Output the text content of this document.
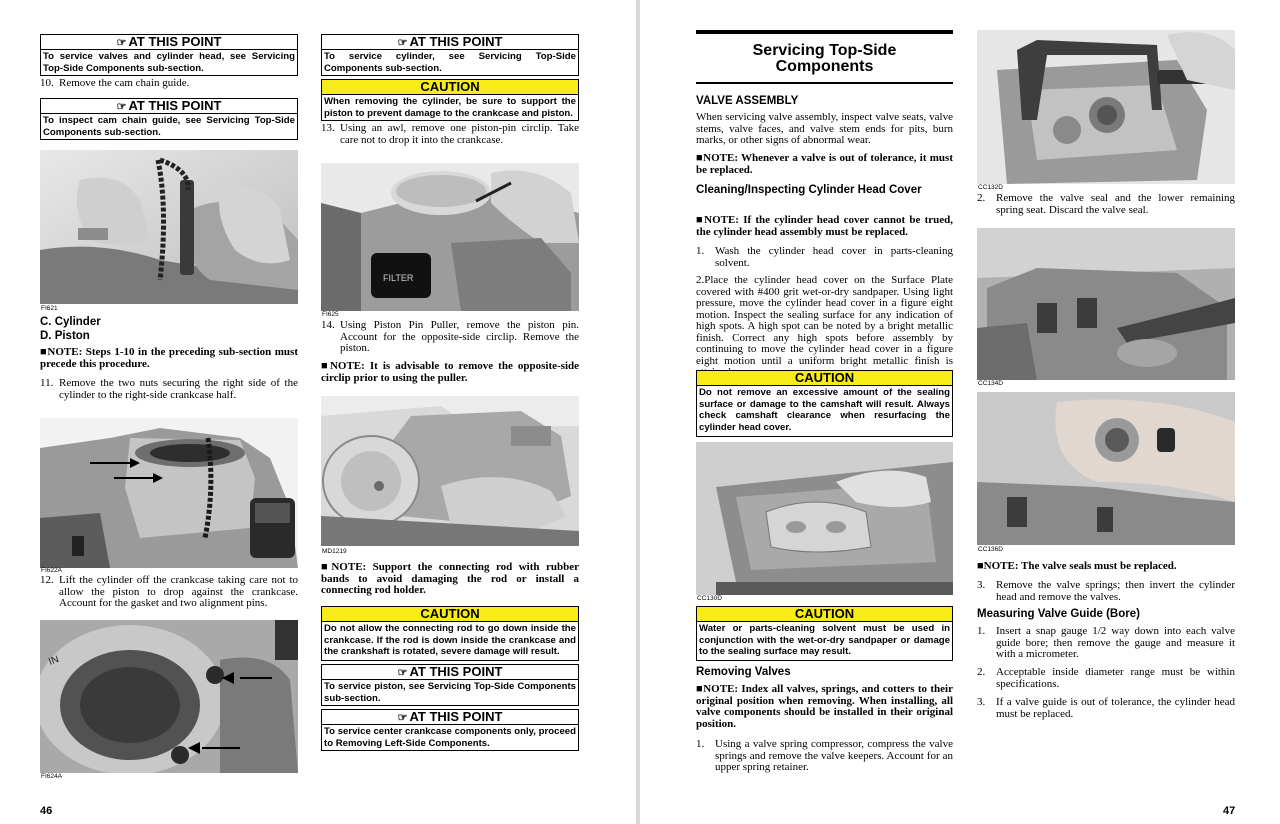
☞ AT THIS POINT
To service valves and cylinder head, see Servicing Top-Side Components sub-section.
10. Remove the cam chain guide.
☞ AT THIS POINT
To inspect cam chain guide, see Servicing Top-Side Components sub-section.
FI621
C. Cylinder
D. Piston
■NOTE: Steps 1-10 in the preceding sub-section must precede this procedure.
11. Remove the two nuts securing the right side of the cylinder to the right-side crankcase half.
FI622A
12. Lift the cylinder off the crankcase taking care not to allow the piston to drop against the crankcase. Account for the gasket and two alignment pins.
IN
FI624A
46
☞ AT THIS POINT
To service cylinder, see Servicing Top-Side Components sub-section.
CAUTION
When removing the cylinder, be sure to support the piston to prevent damage to the crankcase and piston.
13. Using an awl, remove one piston-pin circlip. Take care not to drop it into the crankcase.
FILTER
FI625
14. Using Piston Pin Puller, remove the piston pin. Account for the opposite-side circlip. Remove the piston.
■NOTE: It is advisable to remove the opposite-side circlip prior to using the puller.
MD1219
■NOTE: Support the connecting rod with rubber bands to avoid damaging the rod or install a connecting rod holder.
CAUTION
Do not allow the connecting rod to go down inside the crankcase. If the rod is down inside the crankcase and the crankshaft is rotated, severe damage will result.
☞ AT THIS POINT
To service piston, see Servicing Top-Side Components sub-section.
☞ AT THIS POINT
To service center crankcase components only, proceed to Removing Left-Side Components.
Servicing Top-Side
Components
VALVE ASSEMBLY
When servicing valve assembly, inspect valve seats, valve stems, valve faces, and valve stem ends for pits, burn marks, or other signs of abnormal wear.
■NOTE: Whenever a valve is out of tolerance, it must be replaced.
Cleaning/Inspecting Cylinder Head Cover
■NOTE: If the cylinder head cover cannot be trued, the cylinder head assembly must be replaced.
1. Wash the cylinder head cover in parts-cleaning solvent.
2.Place the cylinder head cover on the Surface Plate covered with #400 grit wet-or-dry sandpaper. Using light pressure, move the cylinder head cover in a figure eight motion. Inspect the sealing surface for any indication of high spots. A high spot can be noted by a bright metallic finish. Correct any high spots before assembly by continuing to move the cylinder head cover in a figure eight motion until a uniform bright metallic finish is
CAUTION
Do not remove an excessive amount of the sealing surface or damage to the camshaft will result. Always check camshaft clearance when resurfacing the cylinder head cover.
CC130D
CAUTION
Water or parts-cleaning solvent must be used in conjunction with the wet-or-dry sandpaper or damage to the sealing surface may result.
Removing Valves
■NOTE: Index all valves, springs, and cotters to their original position when removing. When installing, all valve components should be installed in their original position.
1. Using a valve spring compressor, compress the valve springs and remove the valve keepers. Account for an upper spring retainer.
CC132D
2. Remove the valve seal and the lower remaining spring seat. Discard the valve seal.
CC134D
CC136D
■NOTE: The valve seals must be replaced.
3. Remove the valve springs; then invert the cylinder head and remove the valves.
Measuring Valve Guide (Bore)
1. Insert a snap gauge 1/2 way down into each valve guide bore; then remove the gauge and measure it with a micrometer.
2. Acceptable inside diameter range must be within specifications.
3. If a valve guide is out of tolerance, the cylinder head must be replaced.
47
